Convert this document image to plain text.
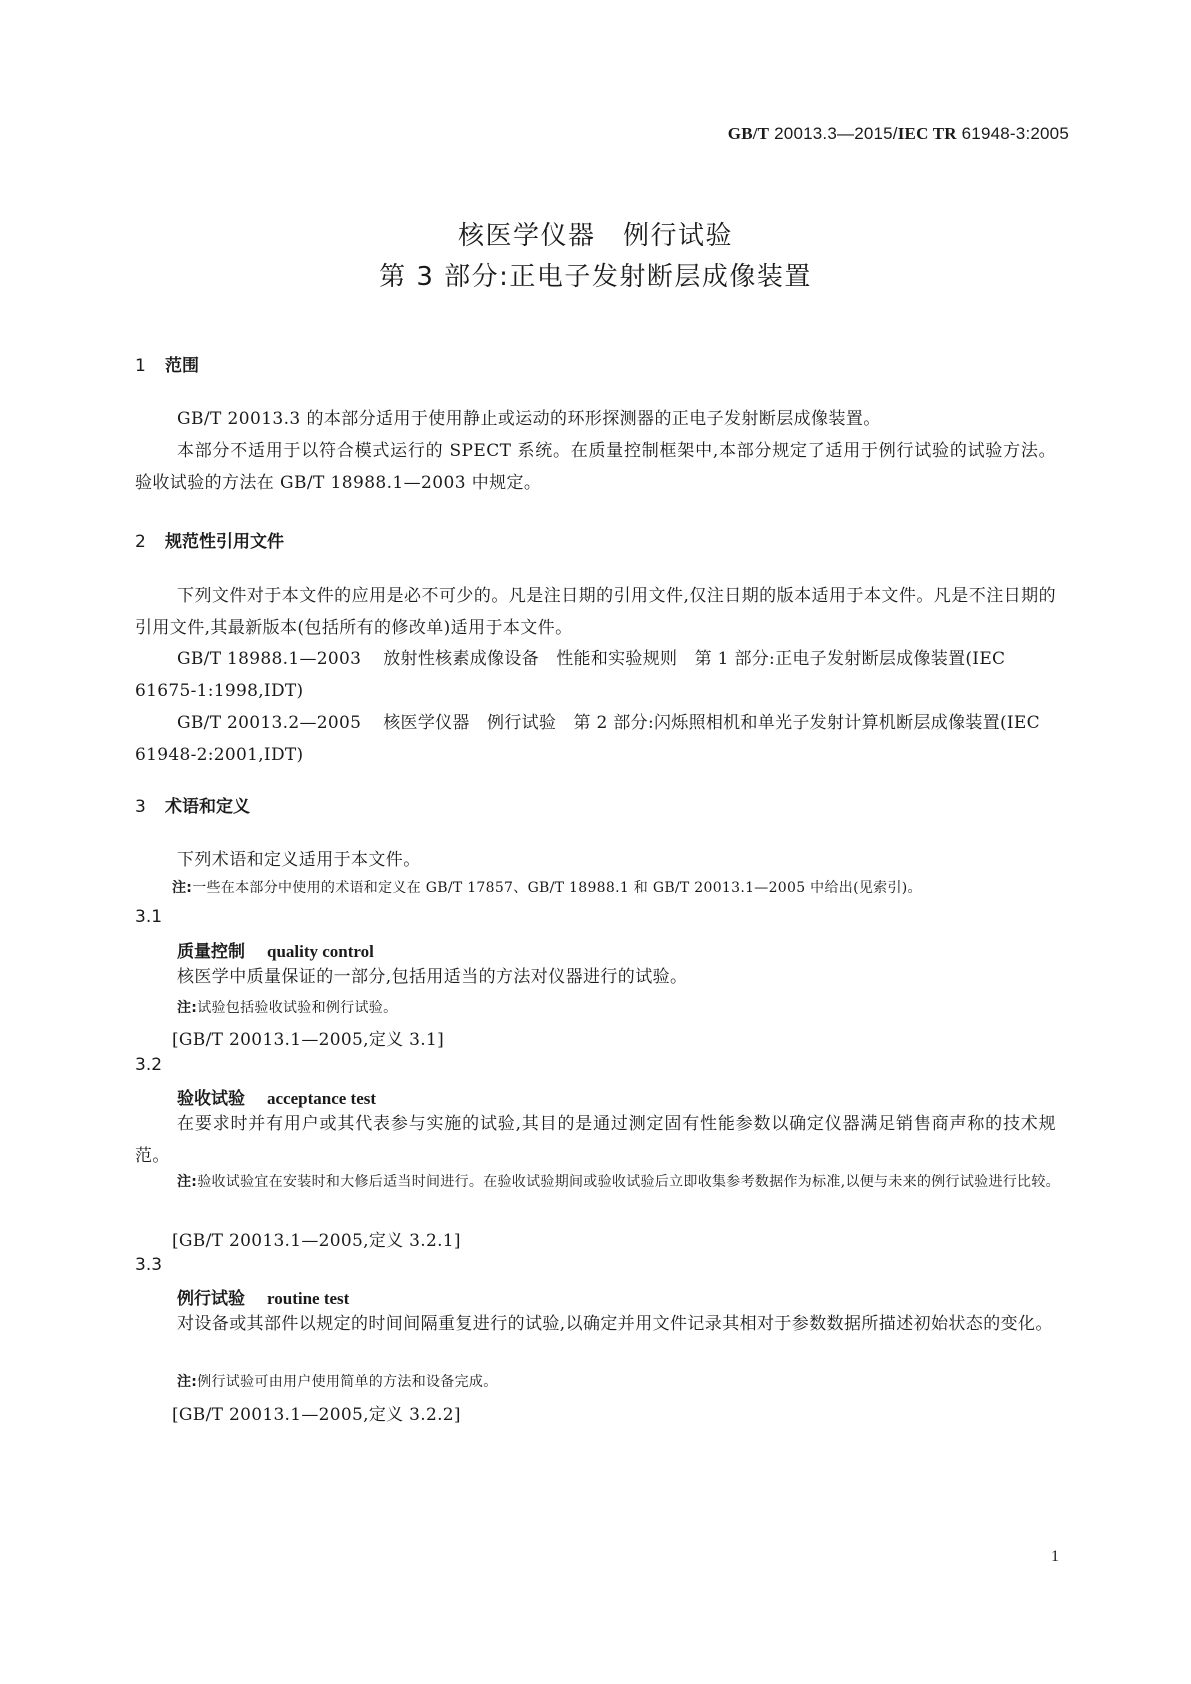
GB/T 20013.3—2015/IEC TR 61948-3:2005
核医学仪器　例行试验
第 3 部分:正电子发射断层成像装置
1 范围
GB/T 20013.3 的本部分适用于使用静止或运动的环形探测器的正电子发射断层成像装置。
本部分不适用于以符合模式运行的 SPECT 系统。在质量控制框架中,本部分规定了适用于例行试验的试验方法。验收试验的方法在 GB/T 18988.1—2003 中规定。
2 规范性引用文件
下列文件对于本文件的应用是必不可少的。凡是注日期的引用文件,仅注日期的版本适用于本文件。凡是不注日期的引用文件,其最新版本(包括所有的修改单)适用于本文件。
GB/T 18988.1—2003 放射性核素成像设备　性能和实验规则　第 1 部分:正电子发射断层成像装置(IEC 61675-1:1998,IDT)
GB/T 20013.2—2005 核医学仪器　例行试验　第 2 部分:闪烁照相机和单光子发射计算机断层成像装置(IEC 61948-2:2001,IDT)
3 术语和定义
下列术语和定义适用于本文件。
注:一些在本部分中使用的术语和定义在 GB/T 17857、GB/T 18988.1 和 GB/T 20013.1—2005 中给出(见索引)。
3.1
质量控制 quality control
核医学中质量保证的一部分,包括用适当的方法对仪器进行的试验。
注:试验包括验收试验和例行试验。
[GB/T 20013.1—2005,定义 3.1]
3.2
验收试验 acceptance test
在要求时并有用户或其代表参与实施的试验,其目的是通过测定固有性能参数以确定仪器满足销售商声称的技术规范。
注:验收试验宜在安装时和大修后适当时间进行。在验收试验期间或验收试验后立即收集参考数据作为标准,以便与未来的例行试验进行比较。
[GB/T 20013.1—2005,定义 3.2.1]
3.3
例行试验 routine test
对设备或其部件以规定的时间间隔重复进行的试验,以确定并用文件记录其相对于参数数据所描述初始状态的变化。
注:例行试验可由用户使用简单的方法和设备完成。
[GB/T 20013.1—2005,定义 3.2.2]
1
